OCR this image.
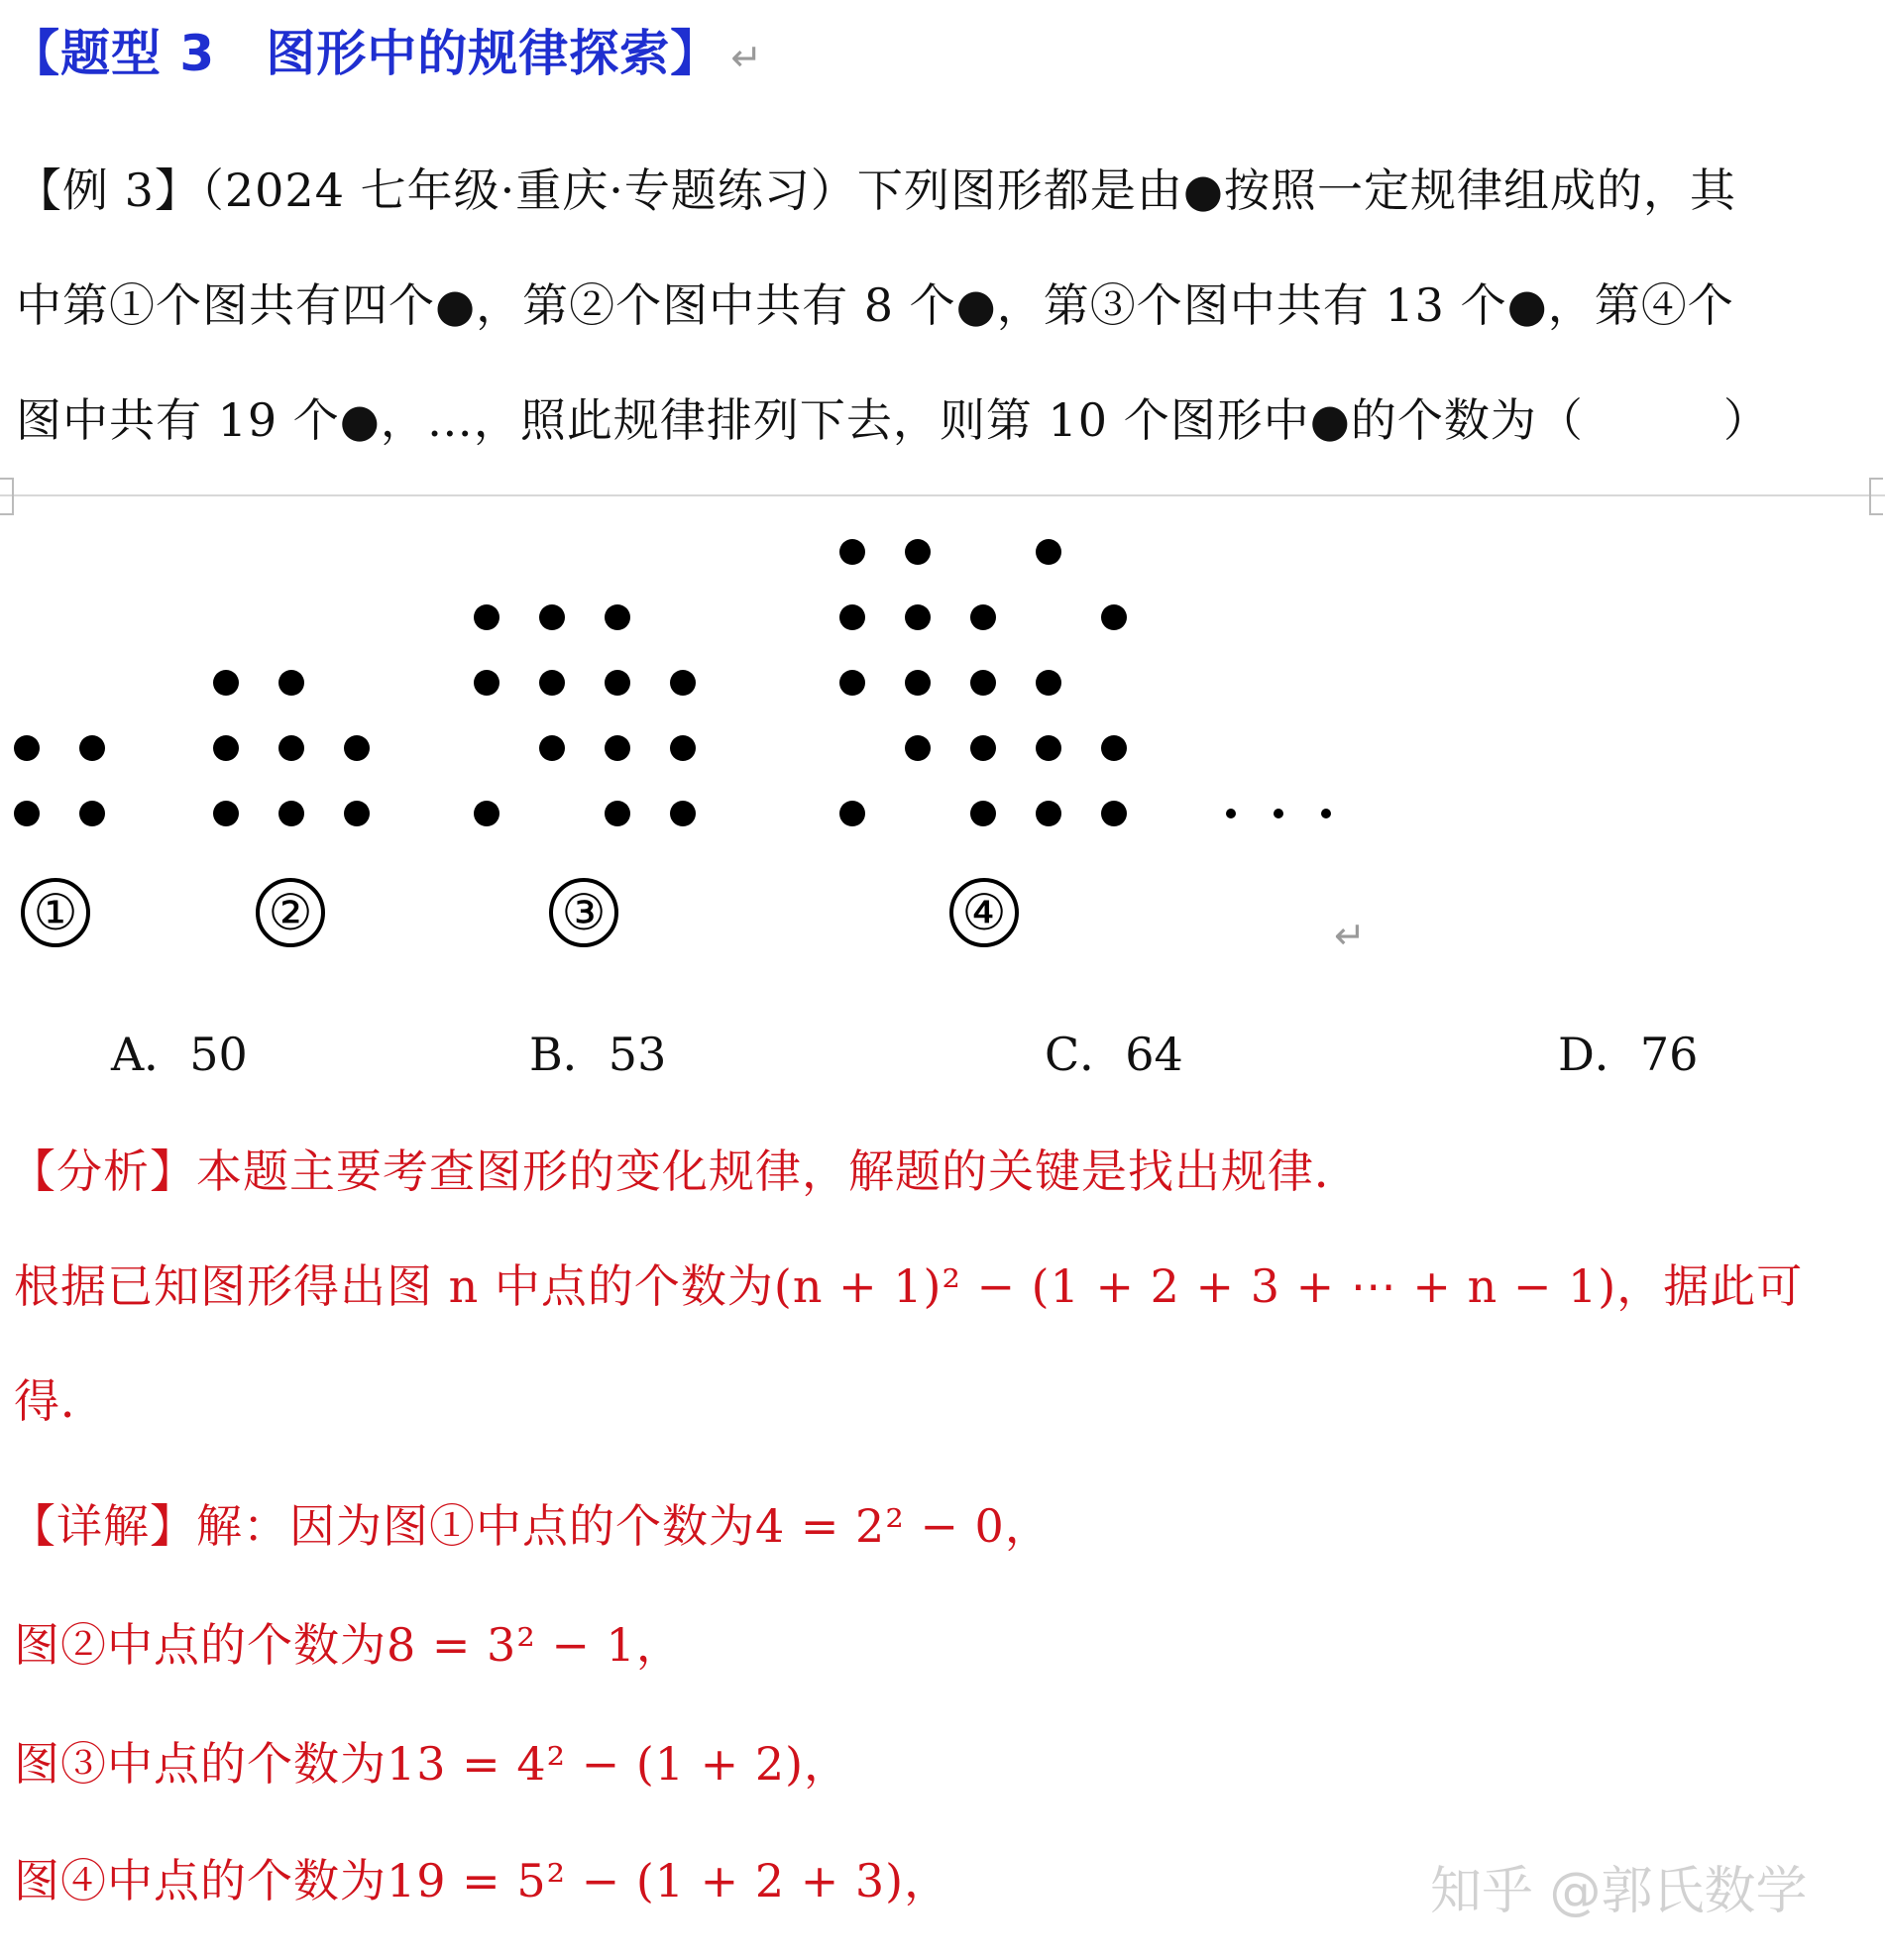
【题型 3　图形中的规律探索】 ↵
【例 3】（2024 七年级·重庆·专题练习）下列图形都是由●按照一定规律组成的，其
中第①个图共有四个●，第②个图中共有 8 个●，第③个图中共有 13 个●，第④个
图中共有 19 个●，…，照此规律排列下去，则第 10 个图形中●的个数为（　　　）
①	②	③	④	↵
A．50	B．53	C．64	D．76
【分析】本题主要考查图形的变化规律，解题的关键是找出规律．
根据已知图形得出图 n 中点的个数为(n + 1)² − (1 + 2 + 3 + ⋯ + n − 1)，据此可
得．
【详解】解：因为图①中点的个数为4 = 2² − 0，
图②中点的个数为8 = 3² − 1，
图③中点的个数为13 = 4² − (1 + 2)，
图④中点的个数为19 = 5² − (1 + 2 + 3)，	知乎 @郭氏数学
